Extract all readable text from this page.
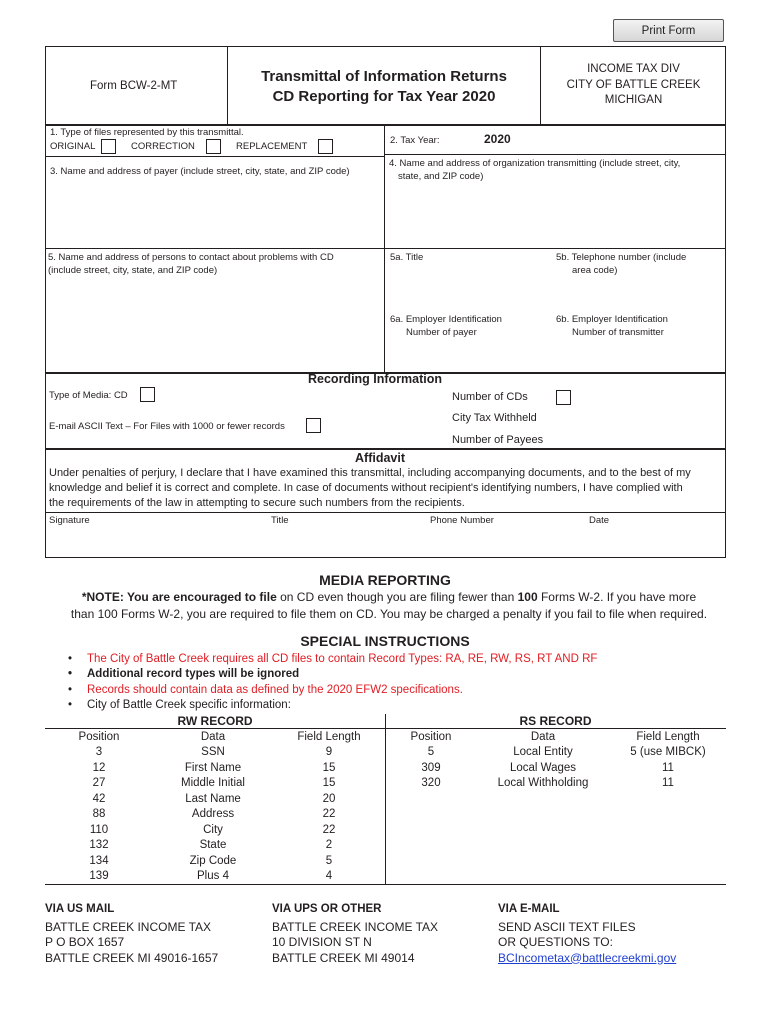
Print Form
Form BCW-2-MT
Transmittal of Information Returns
CD Reporting for Tax Year 2020
INCOME TAX DIV
CITY OF BATTLE CREEK
MICHIGAN
1. Type of files represented by this transmittal.
ORIGINAL	CORRECTION	REPLACEMENT
2. Tax Year:	2020
3. Name and address of payer (include street, city, state, and ZIP code)
4. Name and address of organization transmitting (include street, city,
state, and ZIP code)
5. Name and address of persons to contact about problems with CD
(include street, city, state, and ZIP code)
5a. Title	5b. Telephone number (include
area code)
6a. Employer Identification
Number of payer
6b. Employer Identification
Number of transmitter
Recording Information
Type of Media: CD
E-mail ASCII Text – For Files with 1000 or fewer records
Number of CDs
City Tax Withheld
Number of Payees
Affidavit
Under penalties of perjury, I declare that I have examined this transmittal, including accompanying documents, and to the best of my
knowledge and belief it is correct and complete. In case of documents without recipient's identifying numbers, I have complied with
the requirements of the law in attempting to secure such numbers from the recipients.
Signature	Title	Phone Number	Date
MEDIA REPORTING
*NOTE: You are encouraged to file on CD even though you are filing fewer than 100 Forms W-2. If you have more
than 100 Forms W-2, you are required to file them on CD. You may be charged a penalty if you fail to file when required.
SPECIAL INSTRUCTIONS
• The City of Battle Creek requires all CD files to contain Record Types: RA, RE, RW, RS, RT AND RF
• Additional record types will be ignored
• Records should contain data as defined by the 2020 EFW2 specifications.
• City of Battle Creek specific information:
RW RECORD	RS RECORD
Position	Data	Field Length
3	SSN	9
12	First Name	15
27	Middle Initial	15
42	Last Name	20
88	Address	22
110	City	22
132	State	2
134	Zip Code	5
139	Plus 4	4
Position	Data	Field Length
5	Local Entity	5 (use MIBCK)
309	Local Wages	11
320	Local Withholding	11

VIA US MAIL
BATTLE CREEK INCOME TAX
P O BOX 1657
BATTLE CREEK MI 49016-1657
VIA UPS OR OTHER
BATTLE CREEK INCOME TAX
10 DIVISION ST N
BATTLE CREEK MI 49014
VIA E-MAIL
SEND ASCII TEXT FILES
OR QUESTIONS TO:
BCIncometax@battlecreekmi.gov
